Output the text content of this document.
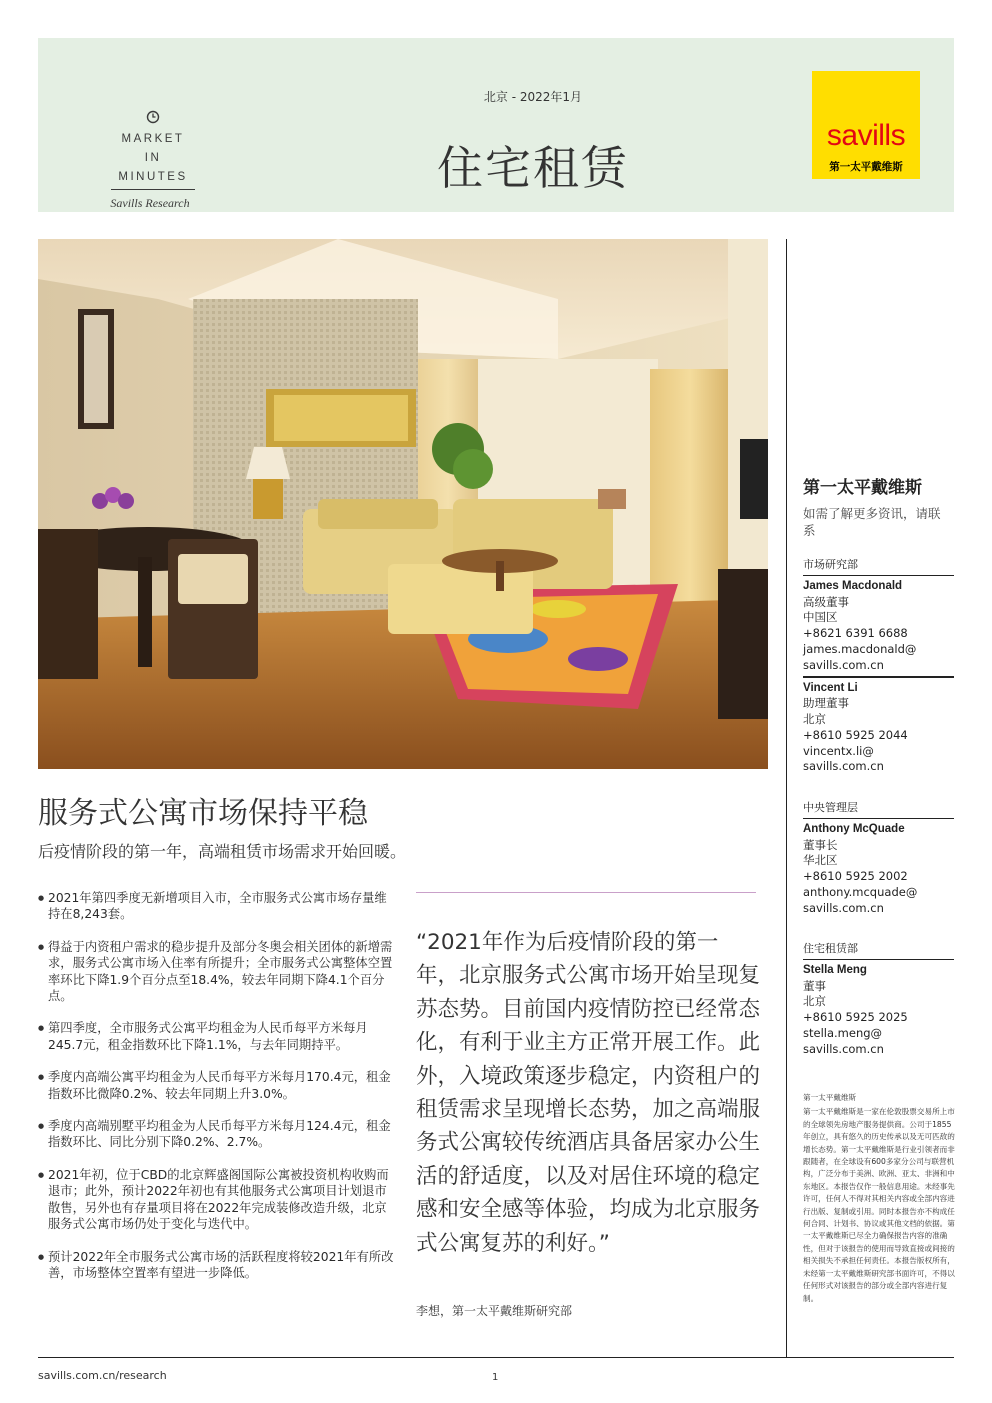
MARKET
IN
MINUTES
Savills Research
北京 - 2022年1月
住宅租赁
savills
第一太平戴维斯
服务式公寓市场保持平稳
后疫情阶段的第一年，高端租赁市场需求开始回暖。
● 2021年第四季度无新增项目入市，全市服务式公寓市场存量维持在8,243套。
● 得益于内资租户需求的稳步提升及部分冬奥会相关团体的新增需求，服务式公寓市场入住率有所提升；全市服务式公寓整体空置率环比下降1.9个百分点至18.4%，较去年同期下降4.1个百分点。
● 第四季度，全市服务式公寓平均租金为人民币每平方米每月245.7元，租金指数环比下降1.1%，与去年同期持平。
● 季度内高端公寓平均租金为人民币每平方米每月170.4元，租金指数环比微降0.2%、较去年同期上升3.0%。
● 季度内高端别墅平均租金为人民币每平方米每月124.4元，租金指数环比、同比分别下降0.2%、2.7%。
● 2021年初，位于CBD的北京辉盛阁国际公寓被投资机构收购而退市；此外，预计2022年初也有其他服务式公寓项目计划退市散售，另外也有存量项目将在2022年完成装修改造升级，北京服务式公寓市场仍处于变化与迭代中。
● 预计2022年全市服务式公寓市场的活跃程度将较2021年有所改善，市场整体空置率有望进一步降低。
“2021年作为后疫情阶段的第一年，北京服务式公寓市场开始呈现复苏态势。目前国内疫情防控已经常态化，有利于业主方正常开展工作。此外，入境政策逐步稳定，内资租户的租赁需求呈现增长态势，加之高端服务式公寓较传统酒店具备居家办公生活的舒适度，以及对居住环境的稳定感和安全感等体验，均成为北京服务式公寓复苏的利好。”
李想，第一太平戴维斯研究部
第一太平戴维斯
如需了解更多资讯，请联系
市场研究部
James Macdonald
高级董事
中国区
+8621 6391 6688
james.macdonald@
savills.com.cn
Vincent Li
助理董事
北京
+8610 5925 2044
vincentx.li@
savills.com.cn
中央管理层
Anthony McQuade
董事长
华北区
+8610 5925 2002
anthony.mcquade@
savills.com.cn
住宅租赁部
Stella Meng
董事
北京
+8610 5925 2025
stella.meng@
savills.com.cn
第一太平戴维斯
第一太平戴维斯是一家在伦敦股票交易所上市的全球领先房地产服务提供商。公司于1855年创立，具有悠久的历史传承以及无可匹敌的增长态势。第一太平戴维斯是行业引领者而非跟随者，在全球设有600多家分公司与联营机构，广泛分布于美洲、欧洲、亚太、非洲和中东地区。本报告仅作一般信息用途。未经事先许可，任何人不得对其相关内容或全部内容进行出版、复制或引用。同时本报告亦不构成任何合同、计划书、协议或其他文档的依据。第一太平戴维斯已尽全力确保报告内容的准确性，但对于该报告的使用而导致直接或间接的相关损失不承担任何责任。本报告版权所有，未经第一太平戴维斯研究部书面许可，不得以任何形式对该报告的部分或全部内容进行复制。
savills.com.cn/research	1
